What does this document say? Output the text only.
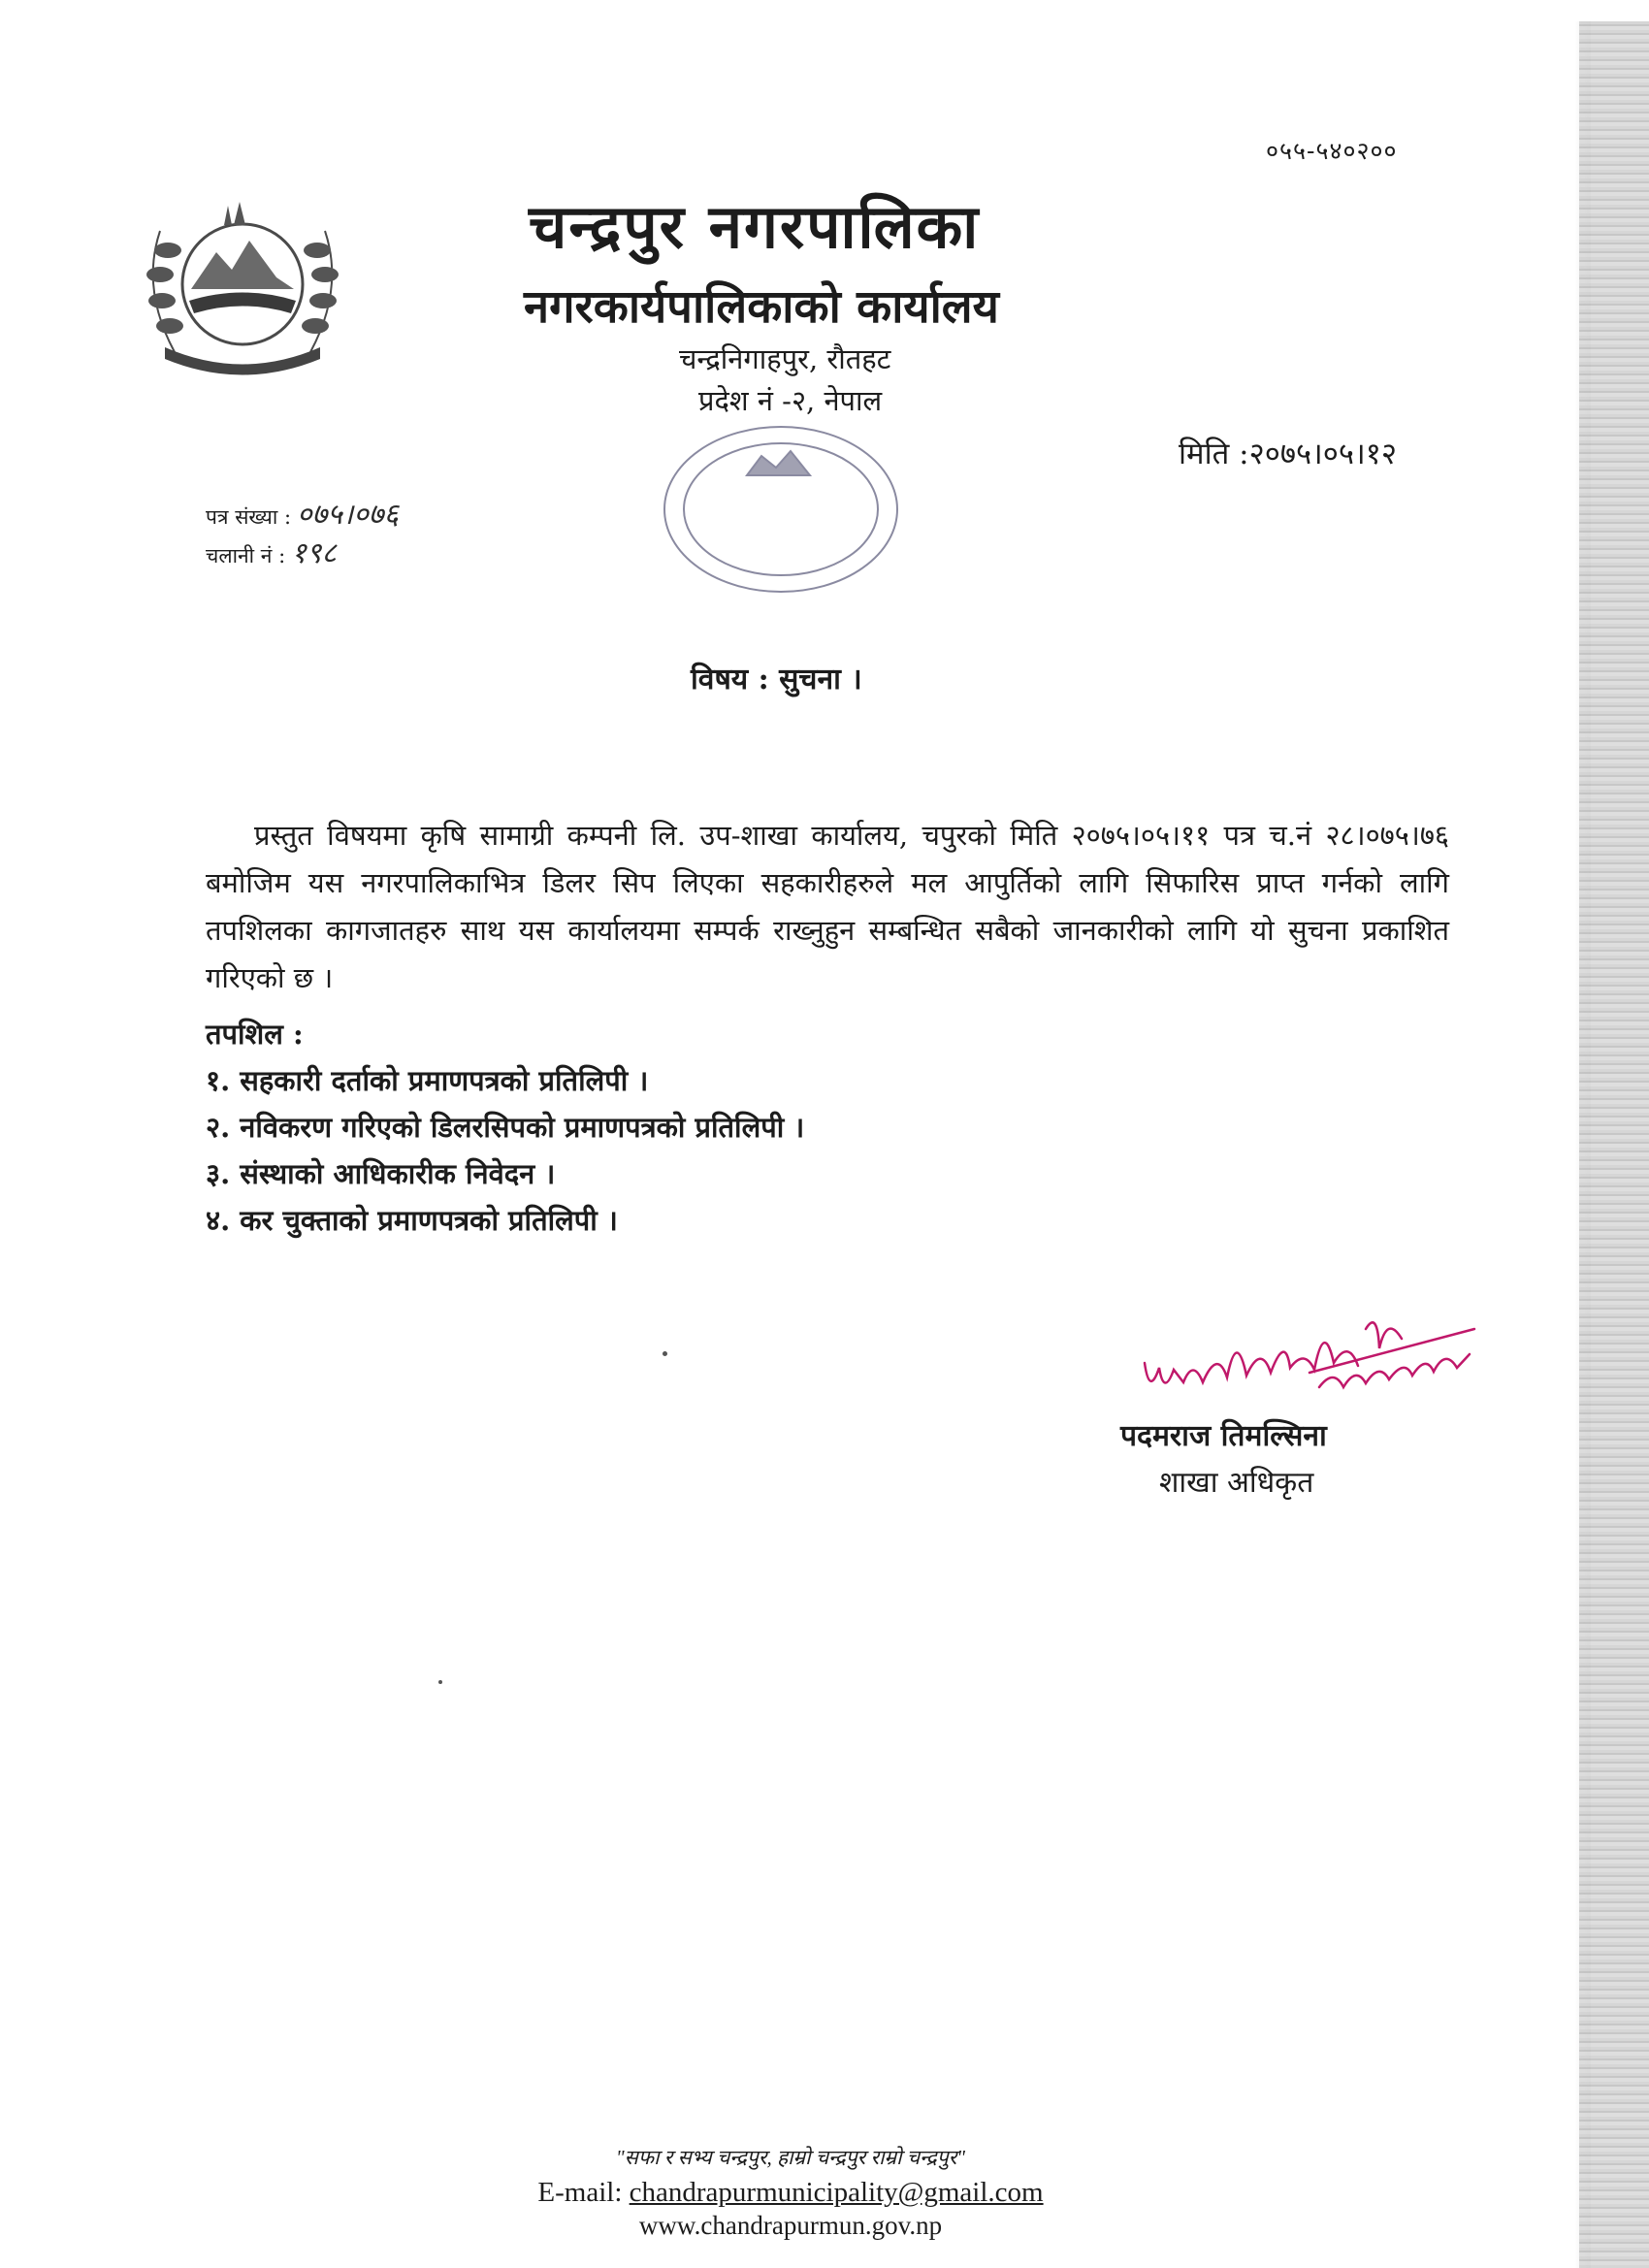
०५५-५४०२००
चन्द्रपुर नगरपालिका
नगरकार्यपालिकाको कार्यालय
चन्द्रनिगाहपुर, रौतहट
प्रदेश नं -२, नेपाल
मिति :२०७५।०५।१२
पत्र संख्या : ०७५।०७६
चलानी नं : १९८
विषय : सुचना ।

प्रस्तुत विषयमा कृषि सामाग्री कम्पनी लि. उप-शाखा कार्यालय, चपुरको मिति २०७५।०५।११ पत्र च.नं २८।०७५।७६ बमोजिम यस नगरपालिकाभित्र डिलर सिप लिएका सहकारीहरुले मल आपुर्तिको लागि सिफारिस प्राप्त गर्नको लागि तपशिलका कागजातहरु साथ यस कार्यालयमा सम्पर्क राख्नुहुन सम्बन्धित सबैको जानकारीको लागि यो सुचना प्रकाशित गरिएको छ ।

तपशिल :
१. सहकारी दर्ताको प्रमाणपत्रको प्रतिलिपी ।
२. नविकरण गरिएको डिलरसिपको प्रमाणपत्रको प्रतिलिपी ।
३. संस्थाको आधिकारीक निवेदन ।
४. कर चुक्ताको प्रमाणपत्रको प्रतिलिपी ।
पदमराज तिमल्सिना
शाखा अधिकृत
"सफा र सभ्य चन्द्रपुर, हाम्रो चन्द्रपुर राम्रो चन्द्रपुर"
E-mail: chandrapurmunicipality@gmail.com
www.chandrapurmun.gov.np
